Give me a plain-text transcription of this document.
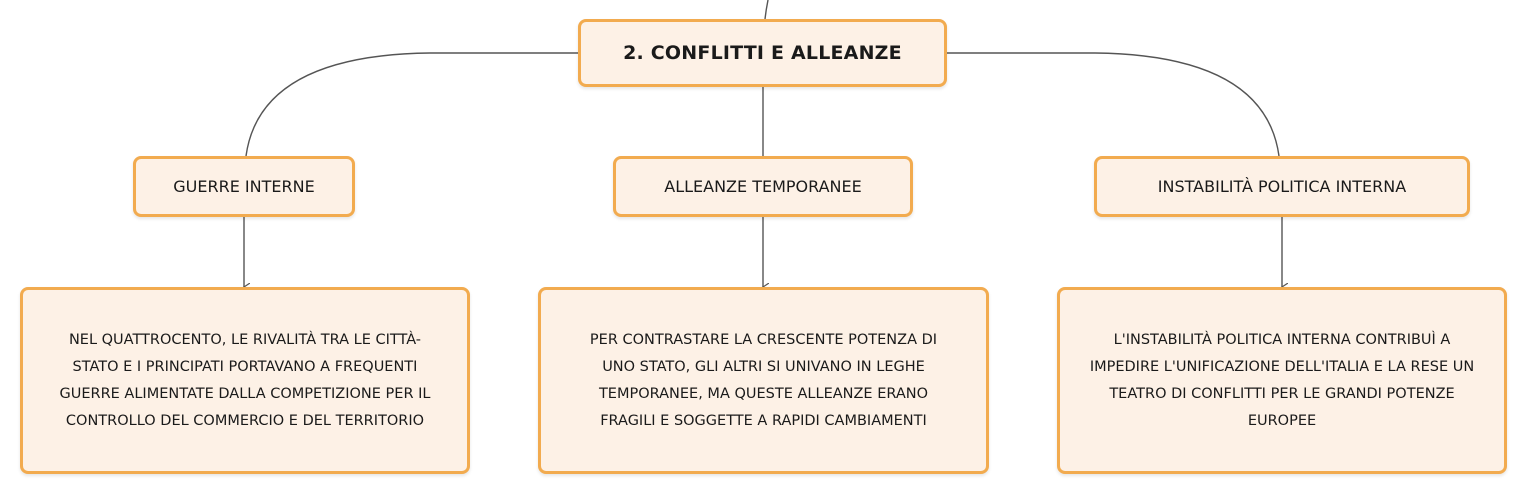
2. CONFLITTI E ALLEANZE
GUERRE INTERNE	ALLEANZE TEMPORANEE	INSTABILITÀ POLITICA INTERNA
NEL QUATTROCENTO, LE RIVALITÀ TRA LE CITTÀ-
STATO E I PRINCIPATI PORTAVANO A FREQUENTI
GUERRE ALIMENTATE DALLA COMPETIZIONE PER IL
CONTROLLO DEL COMMERCIO E DEL TERRITORIO
PER CONTRASTARE LA CRESCENTE POTENZA DI
UNO STATO, GLI ALTRI SI UNIVANO IN LEGHE
TEMPORANEE, MA QUESTE ALLEANZE ERANO
FRAGILI E SOGGETTE A RAPIDI CAMBIAMENTI
L'INSTABILITÀ POLITICA INTERNA CONTRIBUÌ A
IMPEDIRE L'UNIFICAZIONE DELL'ITALIA E LA RESE UN
TEATRO DI CONFLITTI PER LE GRANDI POTENZE
EUROPEE
